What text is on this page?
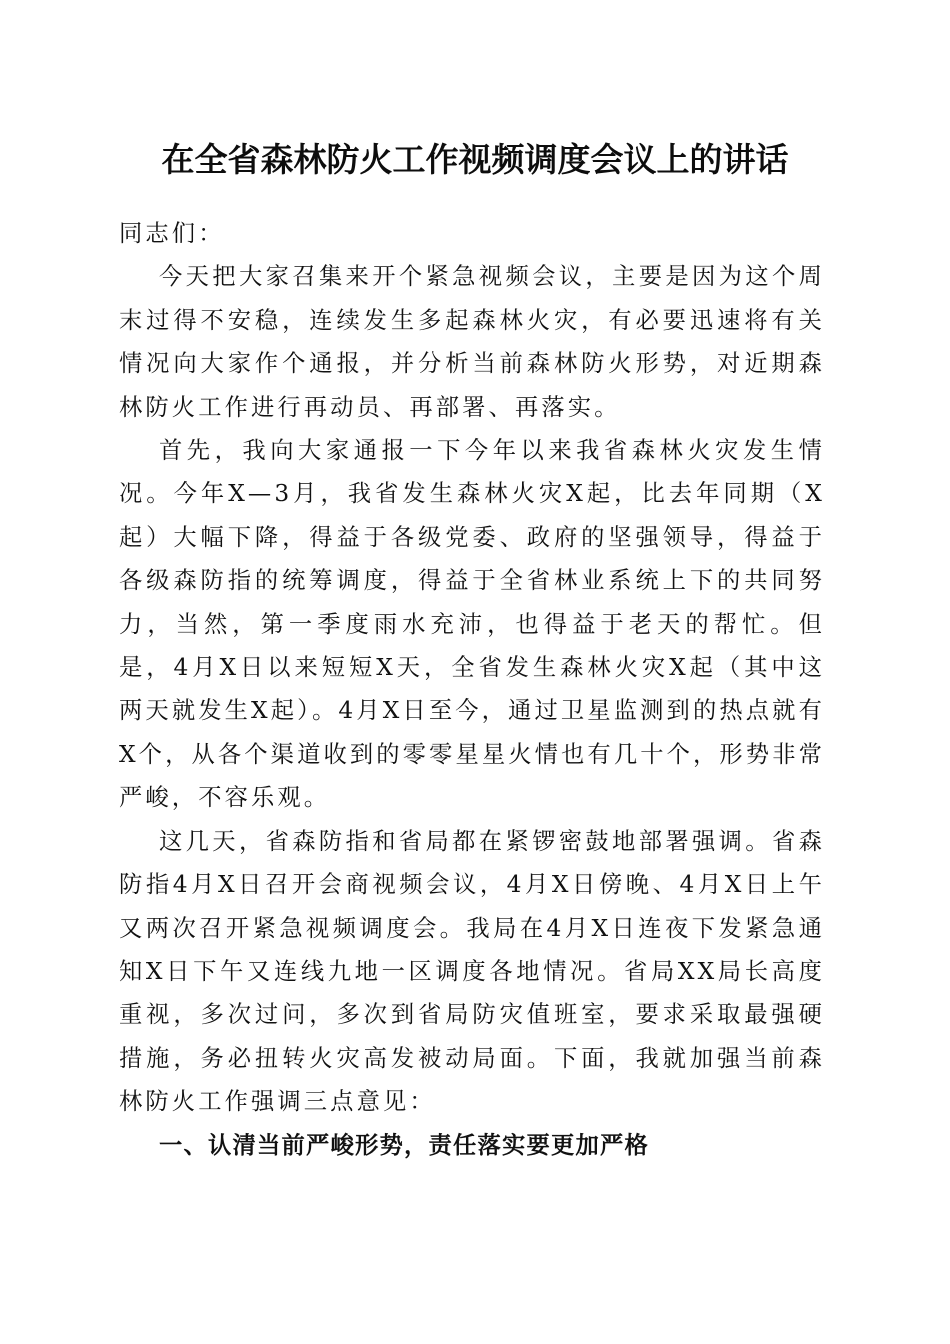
在全省森林防火工作视频调度会议上的讲话

同志们：

今天把大家召集来开个紧急视频会议，主要是因为这个周末过得不安稳，连续发生多起森林火灾，有必要迅速将有关情况向大家作个通报，并分析当前森林防火形势，对近期森林防火工作进行再动员、再部署、再落实。

首先，我向大家通报一下今年以来我省森林火灾发生情况。今年X—3月，我省发生森林火灾X起，比去年同期（X起）大幅下降，得益于各级党委、政府的坚强领导，得益于各级森防指的统筹调度，得益于全省林业系统上下的共同努力，当然，第一季度雨水充沛，也得益于老天的帮忙。但是，4月X日以来短短X天，全省发生森林火灾X起（其中这两天就发生X起）。4月X日至今，通过卫星监测到的热点就有X个，从各个渠道收到的零零星星火情也有几十个，形势非常严峻，不容乐观。

这几天，省森防指和省局都在紧锣密鼓地部署强调。省森防指4月X日召开会商视频会议，4月X日傍晚、4月X日上午又两次召开紧急视频调度会。我局在4月X日连夜下发紧急通知X日下午又连线九地一区调度各地情况。省局XX局长高度重视，多次过问，多次到省局防灾值班室，要求采取最强硬措施，务必扭转火灾高发被动局面。下面，我就加强当前森林防火工作强调三点意见：

一、认清当前严峻形势，责任落实要更加严格
